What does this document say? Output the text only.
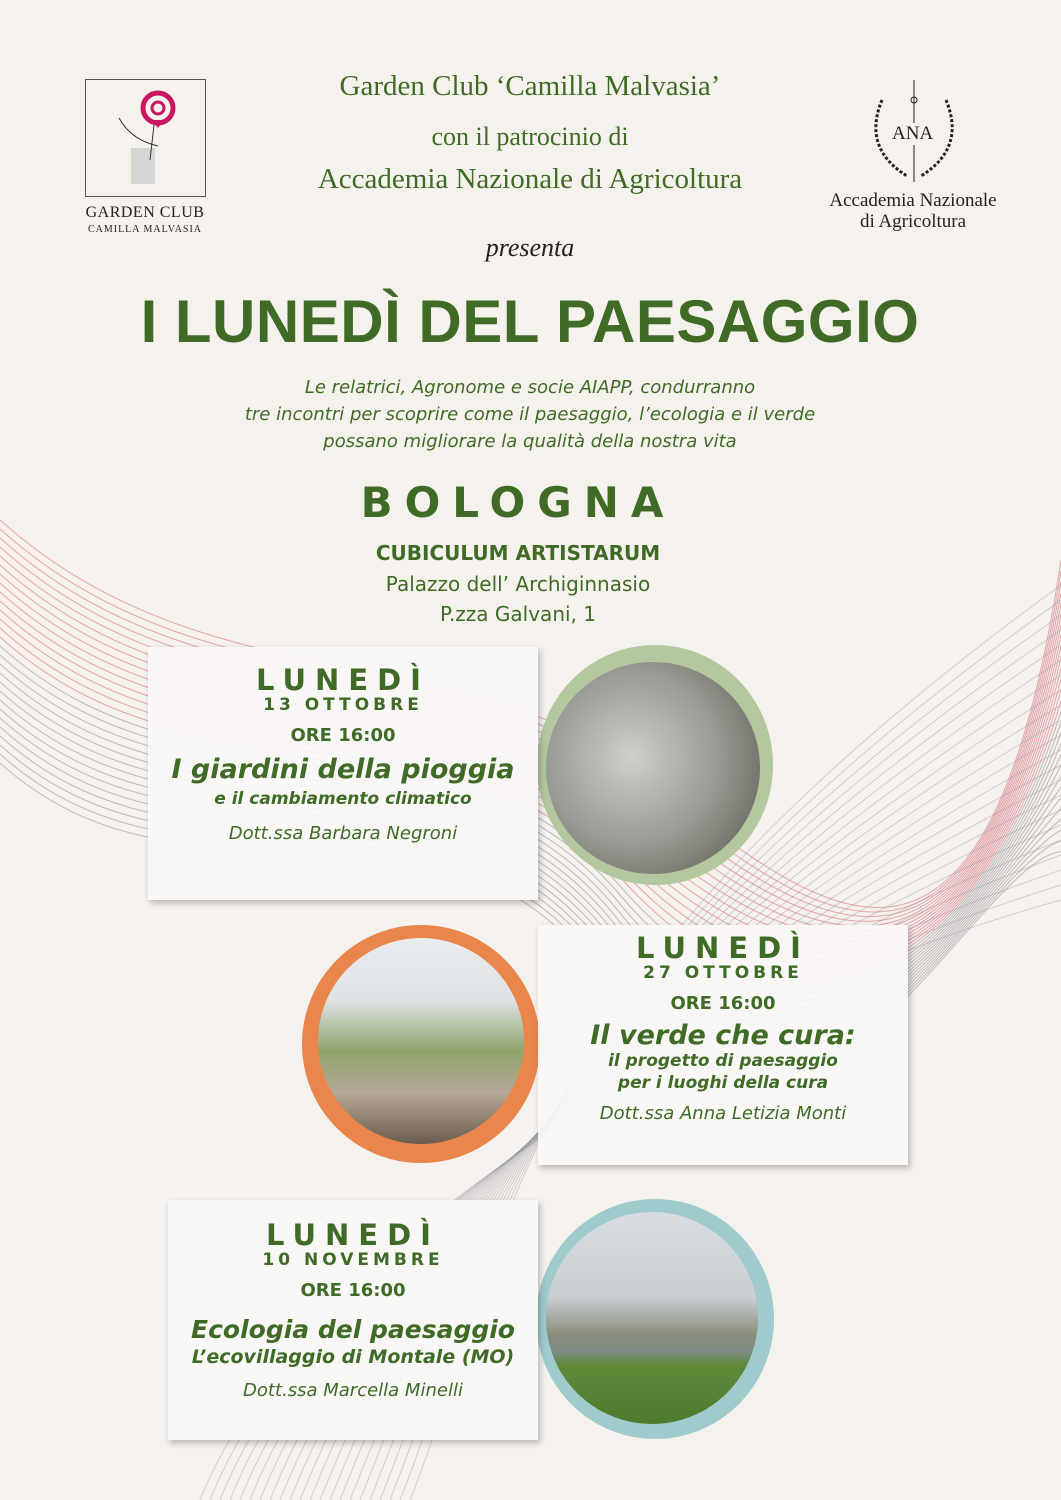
GARDEN CLUB
CAMILLA MALVASIA
ANA
Accademia Nazionale
di Agricoltura
Garden Club ‘Camilla Malvasia’
con il patrocinio di
Accademia Nazionale di Agricoltura
presenta
I LUNEDÌ DEL PAESAGGIO
Le relatrici, Agronome e socie AIAPP, condurranno
tre incontri per scoprire come il paesaggio, l’ecologia e il verde
possano migliorare la qualità della nostra vita
BOLOGNA
CUBICULUM ARTISTARUM
Palazzo dell’ Archiginnasio
P.zza Galvani, 1
LUNEDÌ
13 OTTOBRE
ORE 16:00
I giardini della pioggia
e il cambiamento climatico
Dott.ssa Barbara Negroni
LUNEDÌ
27 OTTOBRE
ORE 16:00
Il verde che cura:
il progetto di paesaggio
per i luoghi della cura
Dott.ssa Anna Letizia Monti
LUNEDÌ
10 NOVEMBRE
ORE 16:00
Ecologia del paesaggio
L’ecovillaggio di Montale (MO)
Dott.ssa Marcella Minelli
